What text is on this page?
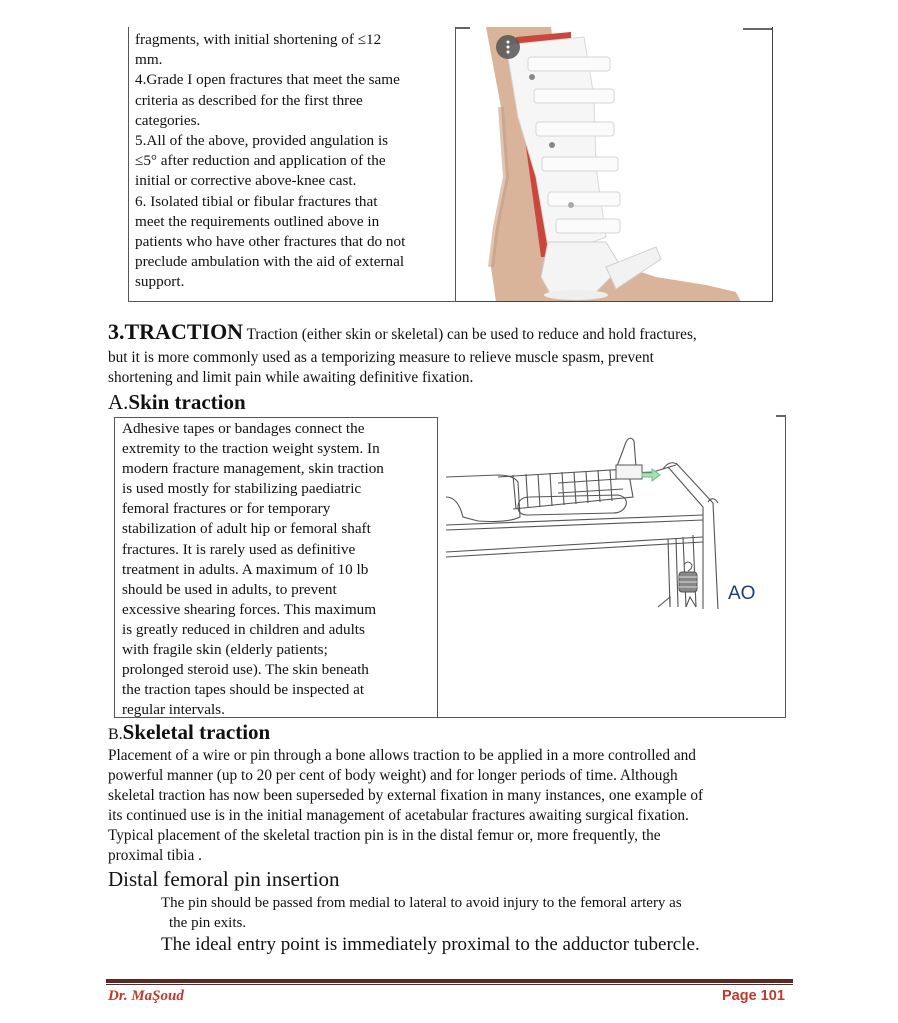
fragments, with initial shortening of ≤12
mm.
4.Grade I open fractures that meet the same
criteria as described for the first three
categories.
5.All of the above, provided angulation is
≤5° after reduction and application of the
initial or corrective above-knee cast.
6. Isolated tibial or fibular fractures that
meet the requirements outlined above in
patients who have other fractures that do not
preclude ambulation with the aid of external
support.
3.TRACTION Traction (either skin or skeletal) can be used to reduce and hold fractures,
but it is more commonly used as a temporizing measure to relieve muscle spasm, prevent
shortening and limit pain while awaiting definitive fixation.
A.Skin traction
Adhesive tapes or bandages connect the
extremity to the traction weight system. In
modern fracture management, skin traction
is used mostly for stabilizing paediatric
femoral fractures or for temporary
stabilization of adult hip or femoral shaft
fractures. It is rarely used as definitive
treatment in adults. A maximum of 10 lb
should be used in adults, to prevent
excessive shearing forces. This maximum
is greatly reduced in children and adults
with fragile skin (elderly patients;
prolonged steroid use). The skin beneath
the traction tapes should be inspected at
regular intervals.
AO
B.Skeletal traction
Placement of a wire or pin through a bone allows traction to be applied in a more controlled and
powerful manner (up to 20 per cent of body weight) and for longer periods of time. Although
skeletal traction has now been superseded by external fixation in many instances, one example of
its continued use is in the initial management of acetabular fractures awaiting surgical fixation.
Typical placement of the skeletal traction pin is in the distal femur or, more frequently, the
proximal tibia .
Distal femoral pin insertion
The pin should be passed from medial to lateral to avoid injury to the femoral artery as
the pin exits.
The ideal entry point is immediately proximal to the adductor tubercle.
Dr. MaŞoud	Page 101
